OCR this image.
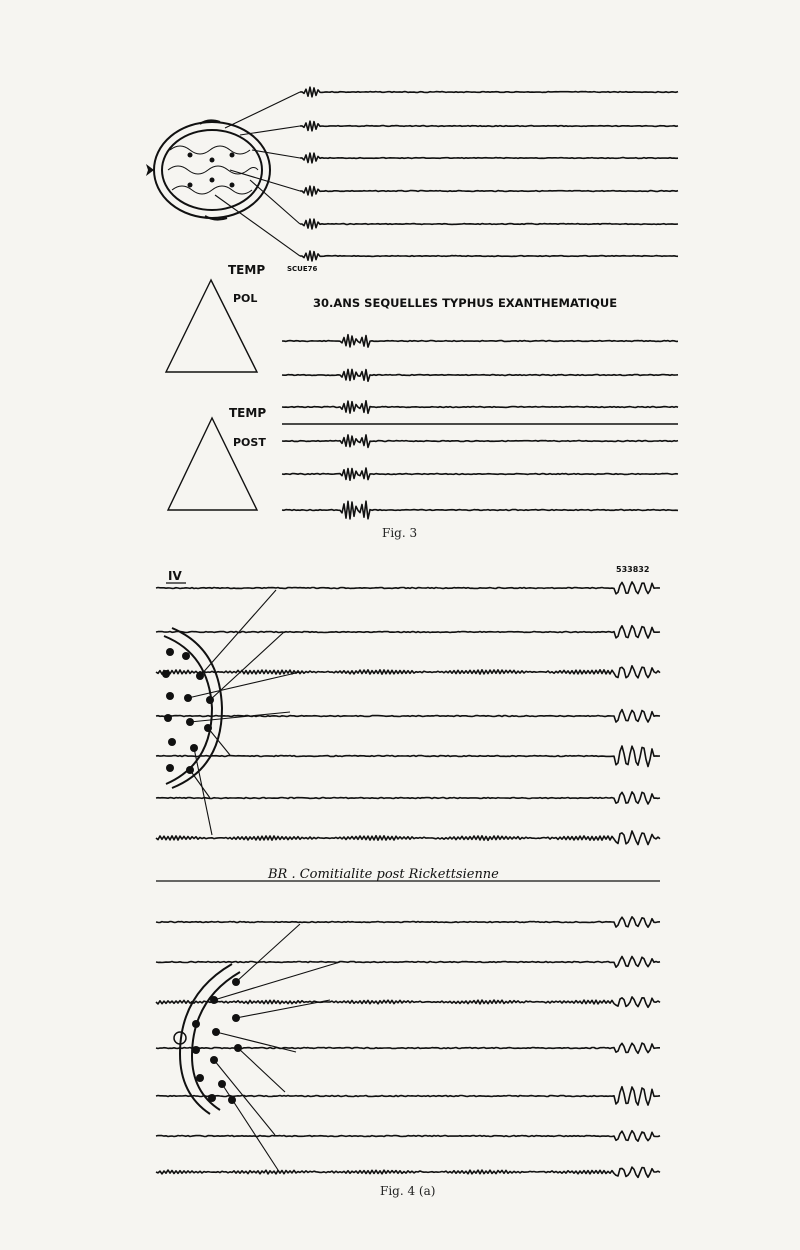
SCUE76
TEMP
POL	30.ANS SEQUELLES TYPHUS EXANTHEMATIQUE
TEMP
POST
Fig. 3
IV	533832
BR . Comitialite post Rickettsienne
Fig. 4 (a)
